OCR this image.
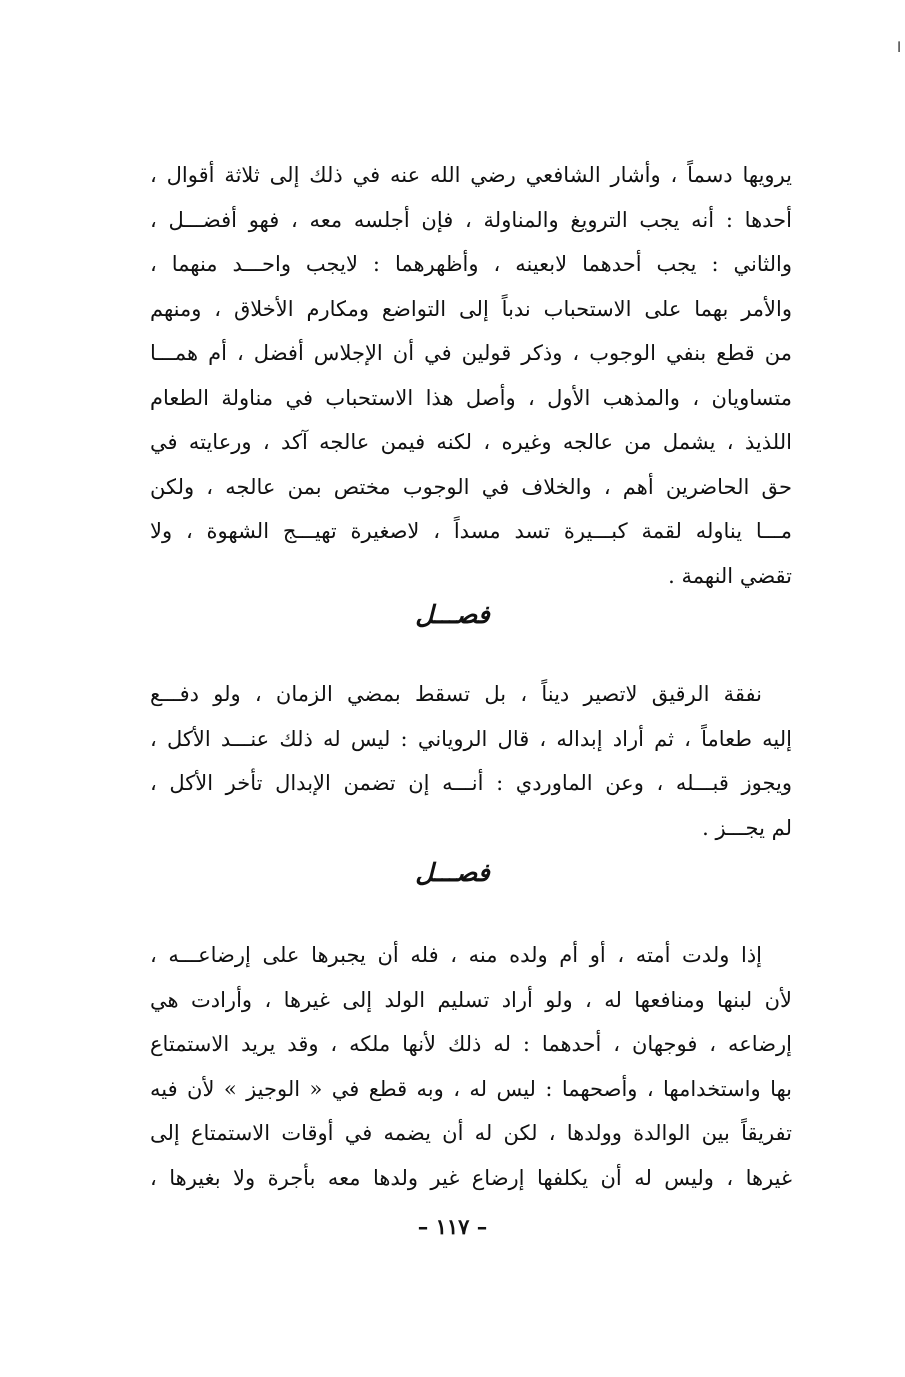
ا
يرويها دسماً ، وأشار الشافعي رضي الله عنه في ذلك إلى ثلاثة أقوال ،
أحدها : أنه يجب الترويغ والمناولة ، فإن أجلسه معه ، فهو أفضـــل ،
والثاني : يجب أحدهما لابعينه ، وأظهرهما : لايجب واحـــد منهما ،
والأمر بهما على الاستحباب ندباً إلى التواضع ومكارم الأخلاق ، ومنهم
من قطع بنفي الوجوب ، وذكر قولين في أن الإجلاس أفضل ، أم همـــا
متساويان ، والمذهب الأول ، وأصل هذا الاستحباب في مناولة الطعام
اللذيذ ، يشمل من عالجه وغيره ، لكنه فيمن عالجه آكد ، ورعايته في
حق الحاضرين أهم ، والخلاف في الوجوب مختص بمن عالجه ، ولكن
مـــا يناوله لقمة كبـــيرة تسد مسداً ، لاصغيرة تهيـــج الشهوة ، ولا
تقضي النهمة .
فصـــل
نفقة الرقيق لاتصير ديناً ، بل تسقط بمضي الزمان ، ولو دفـــع
إليه طعاماً ، ثم أراد إبداله ، قال الروياني : ليس له ذلك عنـــد الأكل ،
ويجوز قبـــله ، وعن الماوردي : أنـــه إن تضمن الإبدال تأخر الأكل ،
لم يجـــز .
فصـــل
إذا ولدت أمته ، أو أم ولده منه ، فله أن يجبرها على إرضاعـــه ،
لأن لبنها ومنافعها له ، ولو أراد تسليم الولد إلى غيرها ، وأرادت هي
إرضاعه ، فوجهان ، أحدهما : له ذلك لأنها ملكه ، وقد يريد الاستمتاع
بها واستخدامها ، وأصحهما : ليس له ، وبه قطع في « الوجيز » لأن فيه
تفريقاً بين الوالدة وولدها ، لكن له أن يضمه في أوقات الاستمتاع إلى
غيرها ، وليس له أن يكلفها إرضاع غير ولدها معه بأجرة ولا بغيرها ،
– ١١٧ –
